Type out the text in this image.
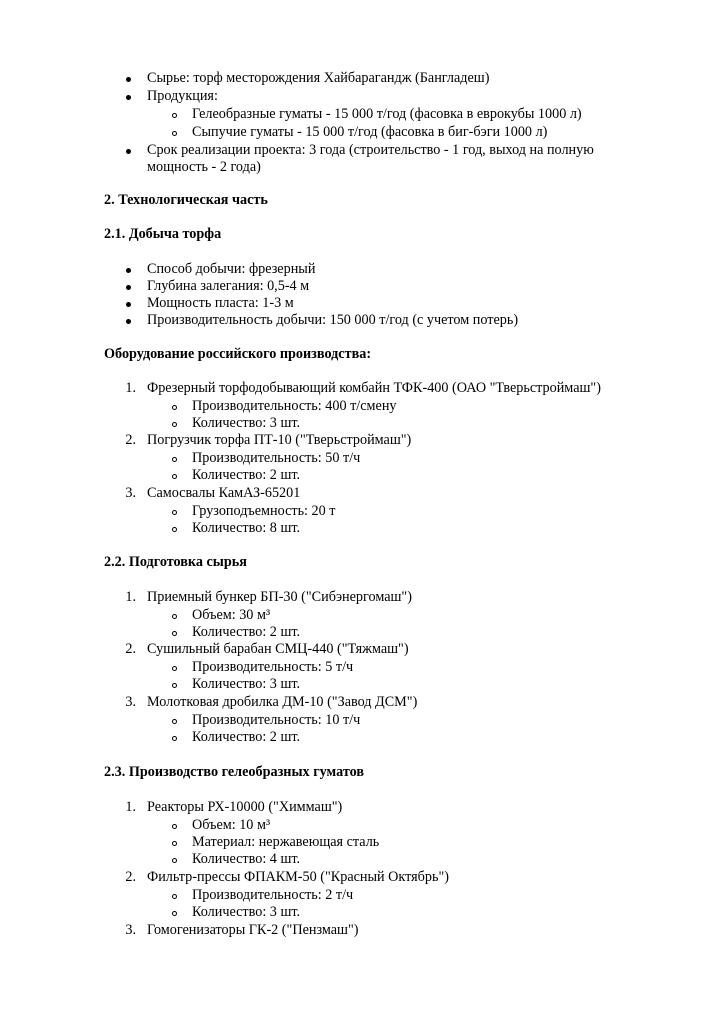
Сырье: торф месторождения Хайбарагандж (Бангладеш)
Продукция:
Гелеобразные гуматы - 15 000 т/год (фасовка в еврокубы 1000 л)
Сыпучие гуматы - 15 000 т/год (фасовка в биг-бэги 1000 л)
Срок реализации проекта: 3 года (строительство - 1 год, выход на полную
мощность - 2 года)
2. Технологическая часть
2.1. Добыча торфа
Способ добычи: фрезерный
Глубина залегания: 0,5-4 м
Мощность пласта: 1-3 м
Производительность добычи: 150 000 т/год (с учетом потерь)
Оборудование российского производства:
1. Фрезерный торфодобывающий комбайн ТФК-400 (ОАО "Тверьстроймаш")
Производительность: 400 т/смену
Количество: 3 шт.
2. Погрузчик торфа ПТ-10 ("Тверьстроймаш")
Производительность: 50 т/ч
Количество: 2 шт.
3. Самосвалы КамАЗ-65201
Грузоподъемность: 20 т
Количество: 8 шт.
2.2. Подготовка сырья
1. Приемный бункер БП-30 ("Сибэнергомаш")
Объем: 30 м³
Количество: 2 шт.
2. Сушильный барабан СМЦ-440 ("Тяжмаш")
Производительность: 5 т/ч
Количество: 3 шт.
3. Молотковая дробилка ДМ-10 ("Завод ДСМ")
Производительность: 10 т/ч
Количество: 2 шт.
2.3. Производство гелеобразных гуматов
1. Реакторы РХ-10000 ("Химмаш")
Объем: 10 м³
Материал: нержавеющая сталь
Количество: 4 шт.
2. Фильтр-прессы ФПАКМ-50 ("Красный Октябрь")
Производительность: 2 т/ч
Количество: 3 шт.
3. Гомогенизаторы ГК-2 ("Пензмаш")
